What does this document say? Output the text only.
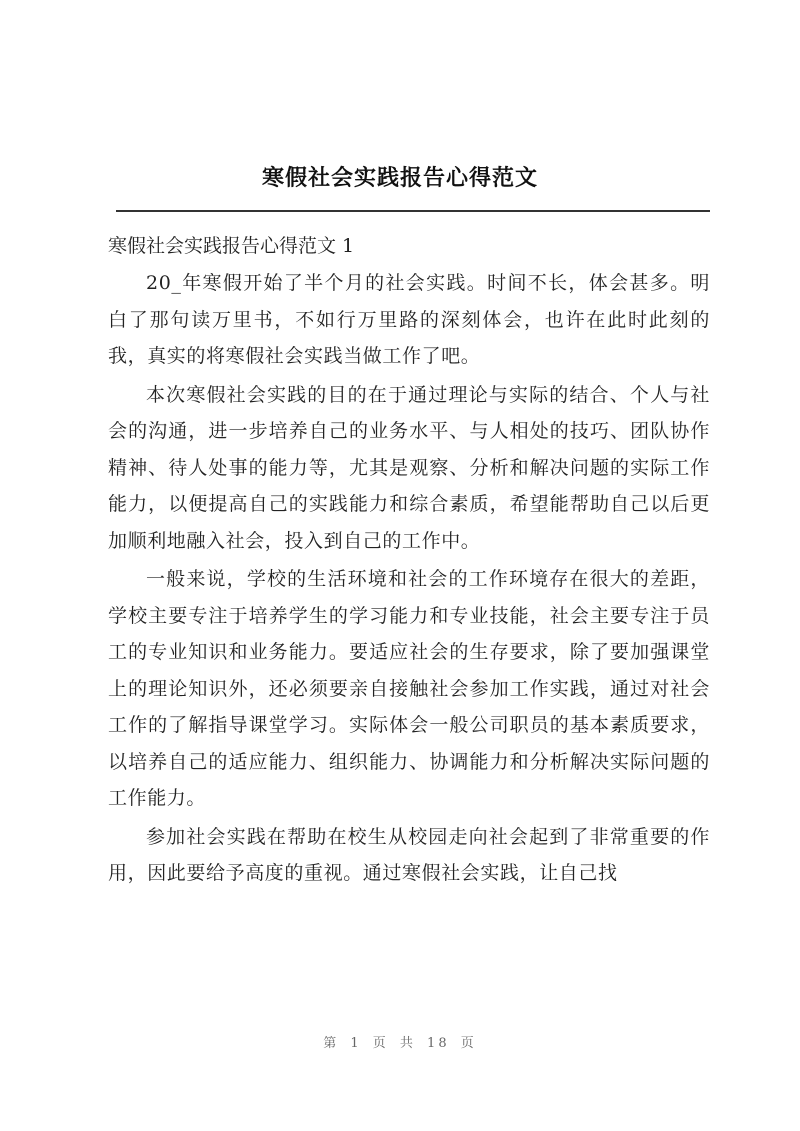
寒假社会实践报告心得范文
寒假社会实践报告心得范文 1

20_年寒假开始了半个月的社会实践。时间不长，体会甚多。明白了那句读万里书，不如行万里路的深刻体会，也许在此时此刻的我，真实的将寒假社会实践当做工作了吧。

本次寒假社会实践的目的在于通过理论与实际的结合、个人与社会的沟通，进一步培养自己的业务水平、与人相处的技巧、团队协作精神、待人处事的能力等，尤其是观察、分析和解决问题的实际工作能力，以便提高自己的实践能力和综合素质，希望能帮助自己以后更加顺利地融入社会，投入到自己的工作中。

一般来说，学校的生活环境和社会的工作环境存在很大的差距，学校主要专注于培养学生的学习能力和专业技能，社会主要专注于员工的专业知识和业务能力。要适应社会的生存要求，除了要加强课堂上的理论知识外，还必须要亲自接触社会参加工作实践，通过对社会工作的了解指导课堂学习。实际体会一般公司职员的基本素质要求，以培养自己的适应能力、组织能力、协调能力和分析解决实际问题的工作能力。

参加社会实践在帮助在校生从校园走向社会起到了非常重要的作用，因此要给予高度的重视。通过寒假社会实践，让自己找

第 1 页 共 18 页
